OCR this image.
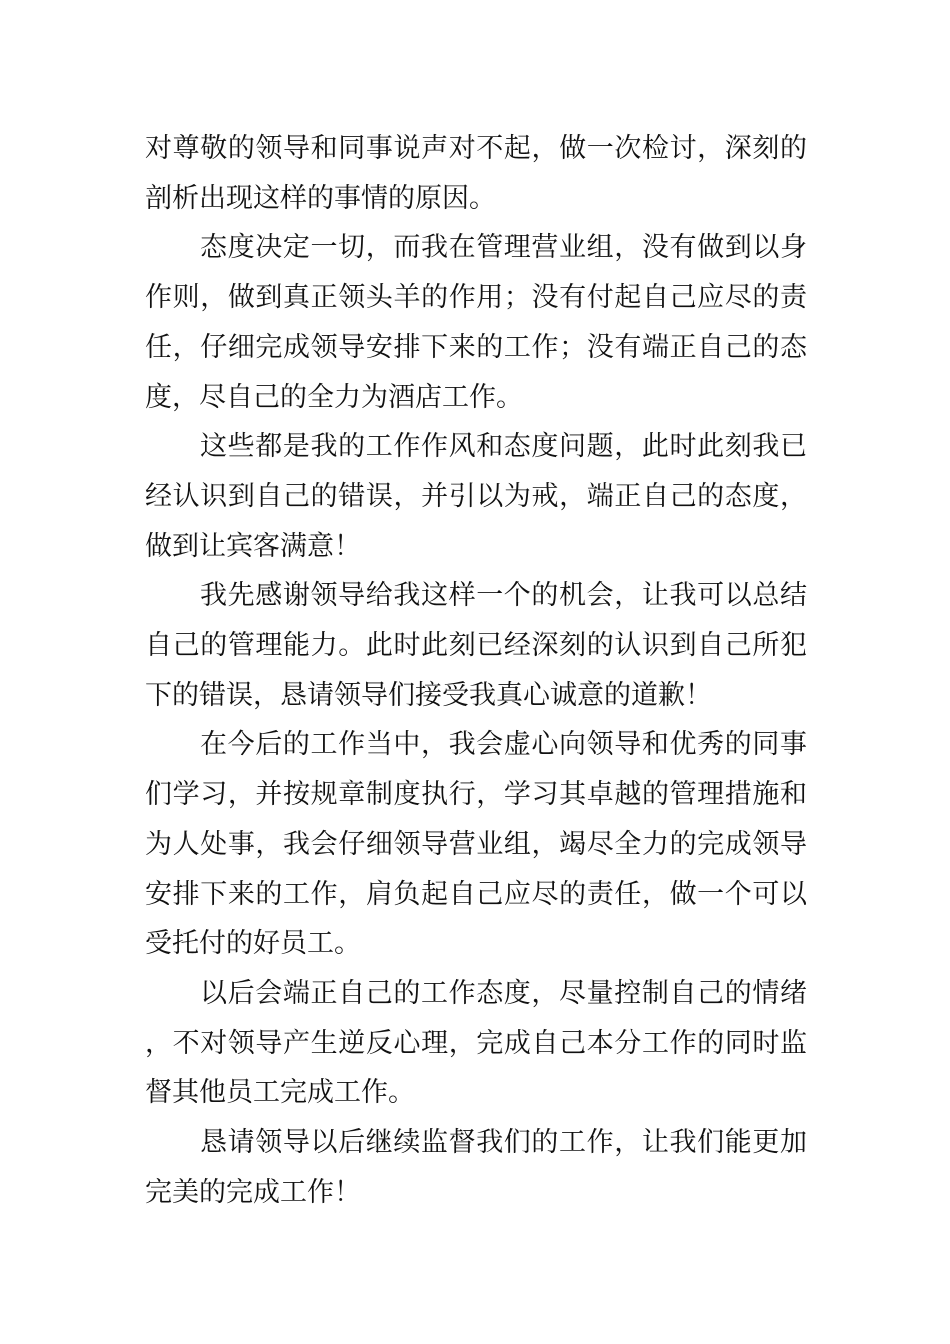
对尊敬的领导和同事说声对不起，做一次检讨，深刻的剖析出现这样的事情的原因。

态度决定一切，而我在管理营业组，没有做到以身作则，做到真正领头羊的作用；没有付起自己应尽的责任，仔细完成领导安排下来的工作；没有端正自己的态度，尽自己的全力为酒店工作。

这些都是我的工作作风和态度问题，此时此刻我已经认识到自己的错误，并引以为戒，端正自己的态度，做到让宾客满意！

我先感谢领导给我这样一个的机会，让我可以总结自己的管理能力。此时此刻已经深刻的认识到自己所犯下的错误，恳请领导们接受我真心诚意的道歉！

在今后的工作当中，我会虚心向领导和优秀的同事们学习，并按规章制度执行，学习其卓越的管理措施和为人处事，我会仔细领导营业组，竭尽全力的完成领导安排下来的工作，肩负起自己应尽的责任，做一个可以受托付的好员工。

以后会端正自己的工作态度，尽量控制自己的情绪，不对领导产生逆反心理，完成自己本分工作的同时监督其他员工完成工作。

恳请领导以后继续监督我们的工作，让我们能更加完美的完成工作！
